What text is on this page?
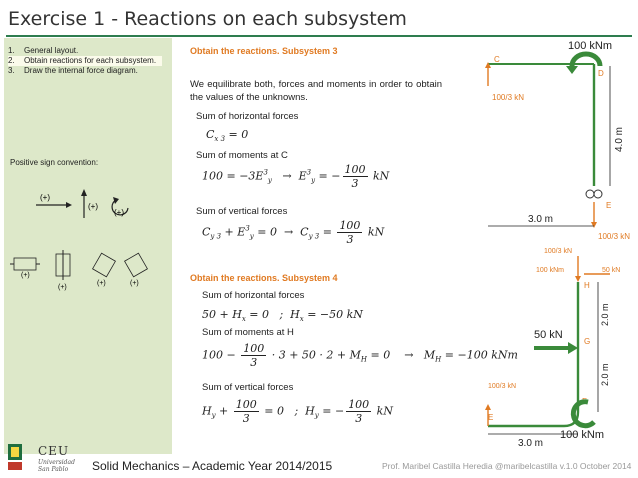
Exercise 1 - Reactions on each subsystem
1.	General layout.
2.	Obtain reactions for each subsystem.
3.	Draw the internal force diagram.
Positive sign convention:
(+)
(+)
(+)
(+)
(+)
(+)	(+)
Obtain the reactions. Subsystem 3
We equilibrate both, forces and moments in order to obtain the values of the unknowns.
Sum of horizontal forces
$C_{x 3} = 0$
Sum of moments at C
$100 = -3E^3_y \to E^3_y$ = − $\frac{100}{3}$ kN
Sum of vertical forces
$C_{y 3} + E^3_y = 0 \to C_{y 3} = \frac{100}{3}$ kN
Obtain the reactions. Subsystem 4
Sum of horizontal forces
$50 + H_x = 0$   ;  $H_x = -50$ kN
Sum of moments at H
$100 - \frac{100}{3} \cdot 3 + 50 \cdot 2 + M_H = 0$    →   $M_H = -100$ kNm
Sum of vertical forces
$H_y + \frac{100}{3} = 0$   ;  $H_y$ = − $\frac{100}{3}$ kN
100 kNm
C
D
E
100/3 kN
100/3 kN
4.0 m
3.0 m
100/3 kN
100 kNm	50 kN
H
50 kN
G
F
E
100/3 kN
2.0 m
2.0 m
3.0 m
100 kNm
CEU
Universidad
San Pablo	Solid Mechanics – Academic Year 2014/2015	Prof. Maribel Castilla Heredia @maribelcastilla v.1.0 October 2014
